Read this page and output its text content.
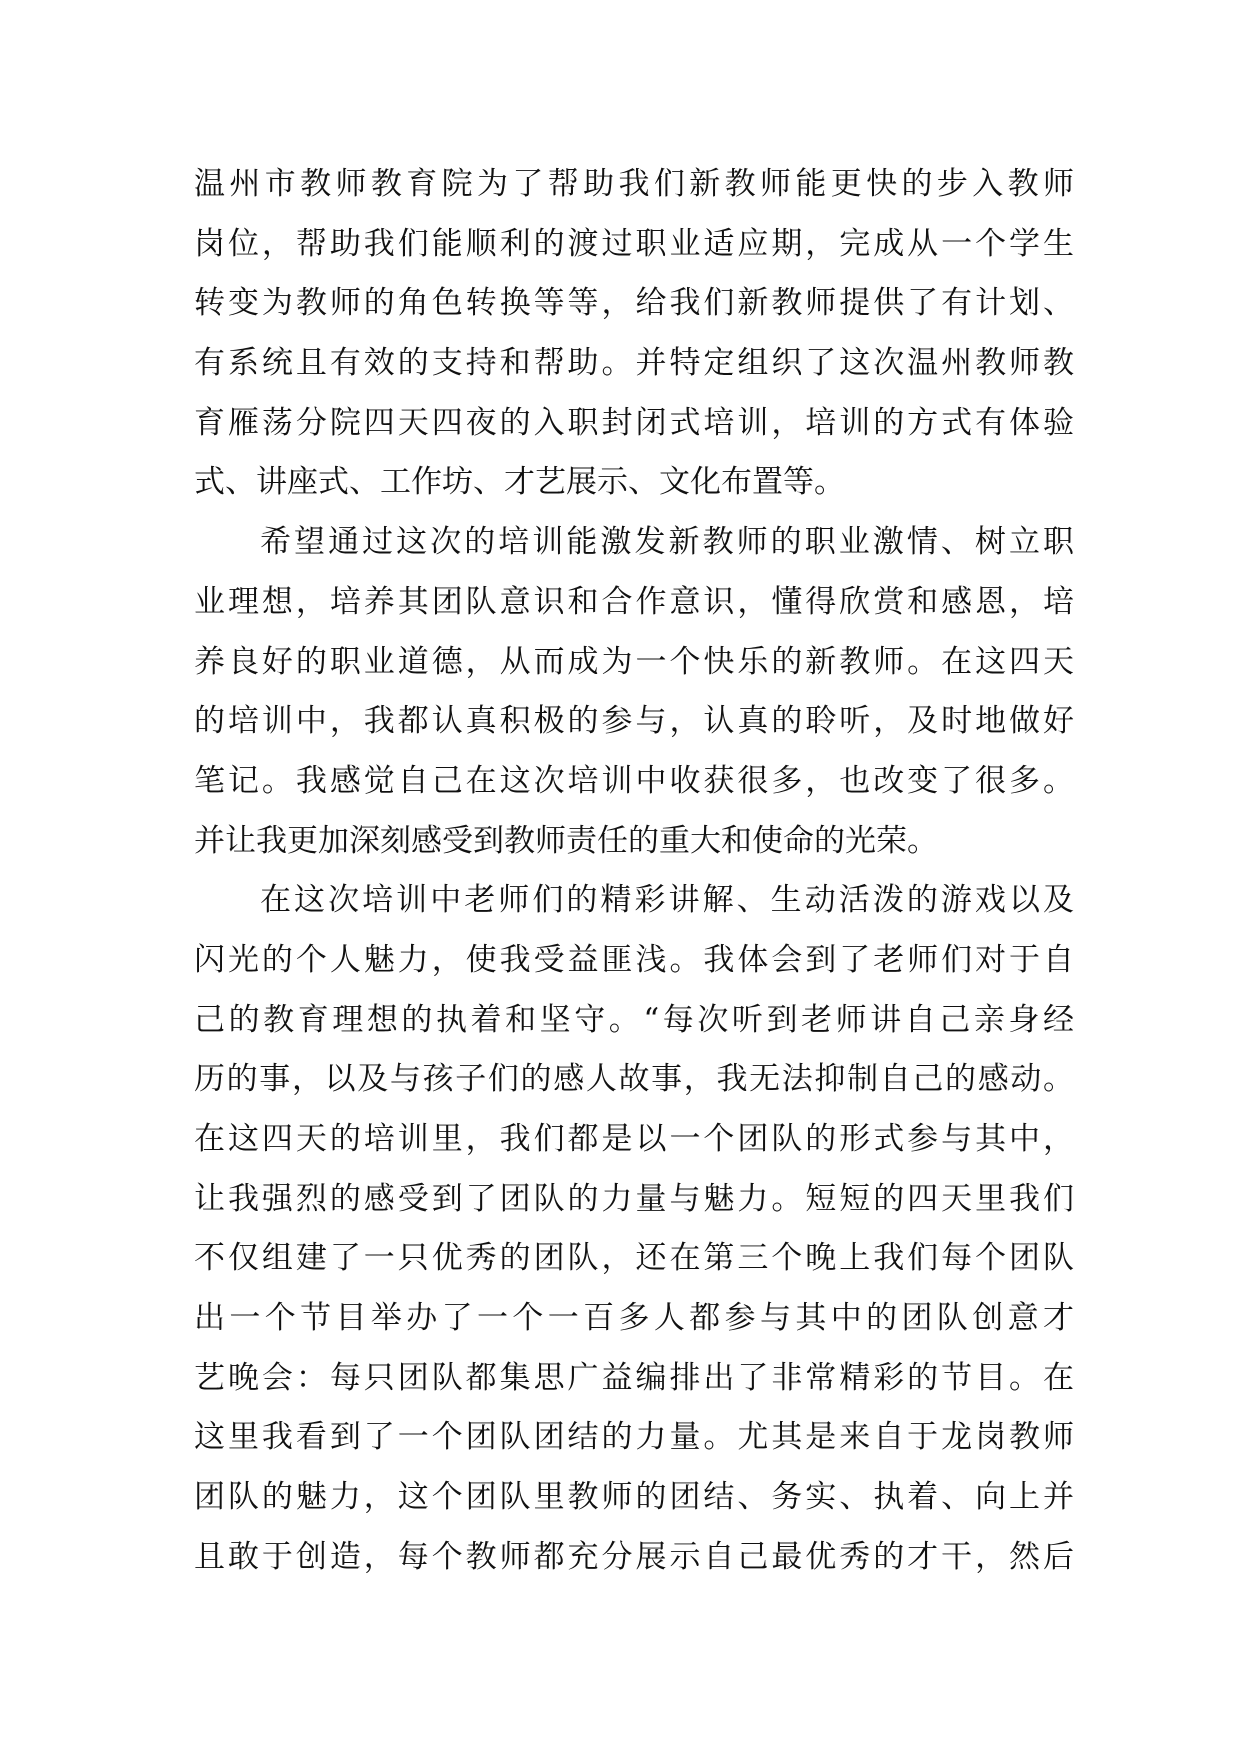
温州市教师教育院为了帮助我们新教师能更快的步入教师
岗位，帮助我们能顺利的渡过职业适应期，完成从一个学生
转变为教师的角色转换等等，给我们新教师提供了有计划、
有系统且有效的支持和帮助。并特定组织了这次温州教师教
育雁荡分院四天四夜的入职封闭式培训，培训的方式有体验
式、讲座式、工作坊、才艺展示、文化布置等。
希望通过这次的培训能激发新教师的职业激情、树立职
业理想，培养其团队意识和合作意识，懂得欣赏和感恩，培
养良好的职业道德，从而成为一个快乐的新教师。在这四天
的培训中，我都认真积极的参与，认真的聆听，及时地做好
笔记。我感觉自己在这次培训中收获很多，也改变了很多。
并让我更加深刻感受到教师责任的重大和使命的光荣。
在这次培训中老师们的精彩讲解、生动活泼的游戏以及
闪光的个人魅力，使我受益匪浅。我体会到了老师们对于自
己的教育理想的执着和坚守。“每次听到老师讲自己亲身经
历的事，以及与孩子们的感人故事，我无法抑制自己的感动。
在这四天的培训里，我们都是以一个团队的形式参与其中，
让我强烈的感受到了团队的力量与魅力。短短的四天里我们
不仅组建了一只优秀的团队，还在第三个晚上我们每个团队
出一个节目举办了一个一百多人都参与其中的团队创意才
艺晚会：每只团队都集思广益编排出了非常精彩的节目。在
这里我看到了一个团队团结的力量。尤其是来自于龙岗教师
团队的魅力，这个团队里教师的团结、务实、执着、向上并
且敢于创造，每个教师都充分展示自己最优秀的才干，然后
